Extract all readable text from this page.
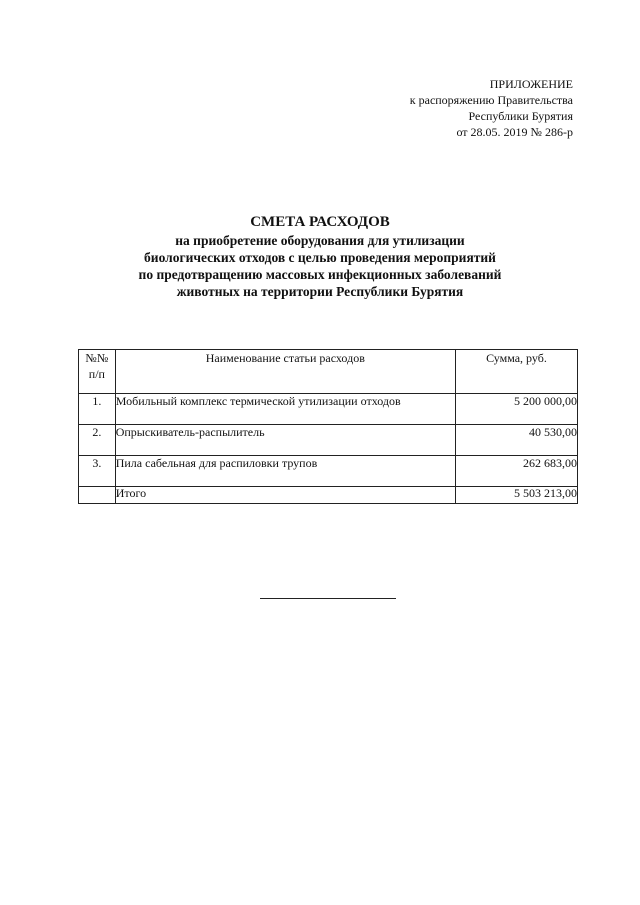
ПРИЛОЖЕНИЕ
к распоряжению Правительства
Республики Бурятия
от 28.05. 2019 № 286-р
СМЕТА РАСХОДОВ
на приобретение оборудования для утилизации
биологических отходов с целью проведения мероприятий
по предотвращению массовых инфекционных заболеваний
животных на территории Республики Бурятия
№№
п/п	Наименование статьи расходов	Сумма, руб.
1.	Мобильный комплекс термической утилизации отходов	5 200 000,00
2.	Опрыскиватель-распылитель	40 530,00
3.	Пила сабельная для распиловки трупов	262 683,00
	Итого	5 503 213,00
